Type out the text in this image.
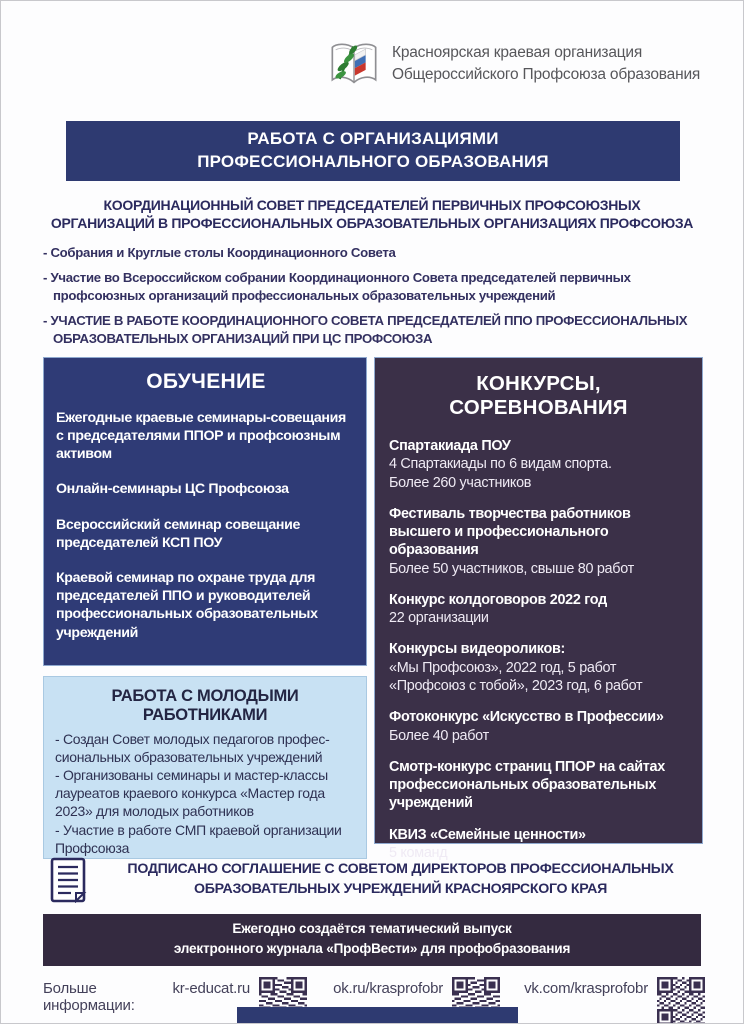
Красноярская краевая организация
Общероссийского Профсоюза образования
РАБОТА С ОРГАНИЗАЦИЯМИ
ПРОФЕССИОНАЛЬНОГО ОБРАЗОВАНИЯ
КООРДИНАЦИОННЫЙ СОВЕТ ПРЕДСЕДАТЕЛЕЙ ПЕРВИЧНЫХ ПРОФСОЮЗНЫХ
ОРГАНИЗАЦИЙ В ПРОФЕССИОНАЛЬНЫХ ОБРАЗОВАТЕЛЬНЫХ ОРГАНИЗАЦИЯХ ПРОФСОЮЗА

- Собрания и Круглые столы Координационного Совета

- Участие во Всероссийском собрании Координационного Совета председателей первичных профсоюзных организаций профессиональных образовательных учреждений

- УЧАСТИЕ В РАБОТЕ КООРДИНАЦИОННОГО СОВЕТА ПРЕДСЕДАТЕЛЕЙ ППО ПРОФЕССИОНАЛЬНЫХ ОБРАЗОВАТЕЛЬНЫХ ОРГАНИЗАЦИЙ ПРИ ЦС ПРОФСОЮЗА

ОБУЧЕНИЕ

Ежегодные краевые семинары-совещания с председателями ППОР и профсоюзным активом

Онлайн-семинары ЦС Профсоюза

Всероссийский семинар совещание председателей КСП ПОУ

Краевой семинар по охране труда для председателей ППО и руководителей профессиональных образовательных учреждений

РАБОТА С МОЛОДЫМИ РАБОТНИКАМИ

- Создан Совет молодых педагогов профес-сиональных образовательных учреждений

- Организованы семинары и мастер-классы лауреатов краевого конкурса «Мастер года 2023» для молодых работников

- Участие в работе СМП краевой организации Профсоюза

КОНКУРСЫ, СОРЕВНОВАНИЯ
Спартакиада ПОУ
4 Спартакиады по 6 видам спорта.
Более 260 участников
Фестиваль творчества работников высшего и профессионального образования
Более 50 участников, свыше 80 работ
Конкурс колдоговоров 2022 год
22 организации
Конкурсы видеороликов:
«Мы Профсоюз», 2022 год, 5 работ
«Профсоюз с тобой», 2023 год, 6 работ
Фотоконкурс «Искусство в Профессии»
Более 40 работ
Смотр-конкурс страниц ППОР на сайтах профессиональных образовательных учреждений
КВИЗ «Семейные ценности»
5 команд
ПОДПИСАНО СОГЛАШЕНИЕ С СОВЕТОМ ДИРЕКТОРОВ ПРОФЕССИОНАЛЬНЫХ
ОБРАЗОВАТЕЛЬНЫХ УЧРЕЖДЕНИЙ КРАСНОЯРСКОГО КРАЯ
Ежегодно создаётся тематический выпуск
электронного журнала «ПрофВести» для профобразования
Больше информации:
kr-educat.ru	ok.ru/krasprofobr	vk.com/krasprofobr
